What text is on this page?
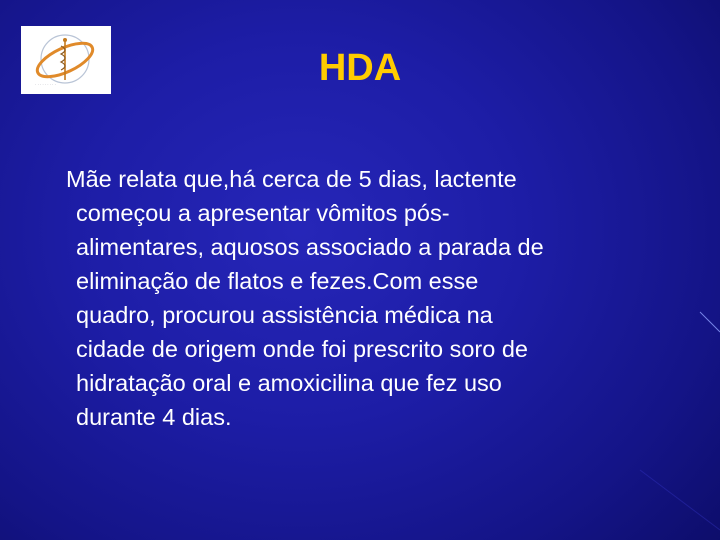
· · · · · · · · ·	HDA
Mãe relata que,há cerca de 5 dias, lactente
começou a apresentar vômitos pós-
alimentares, aquosos associado a parada de
eliminação de flatos e fezes.Com esse
quadro, procurou assistência médica na
cidade de origem onde foi prescrito soro de
hidratação oral e amoxicilina que fez uso
durante 4 dias.
